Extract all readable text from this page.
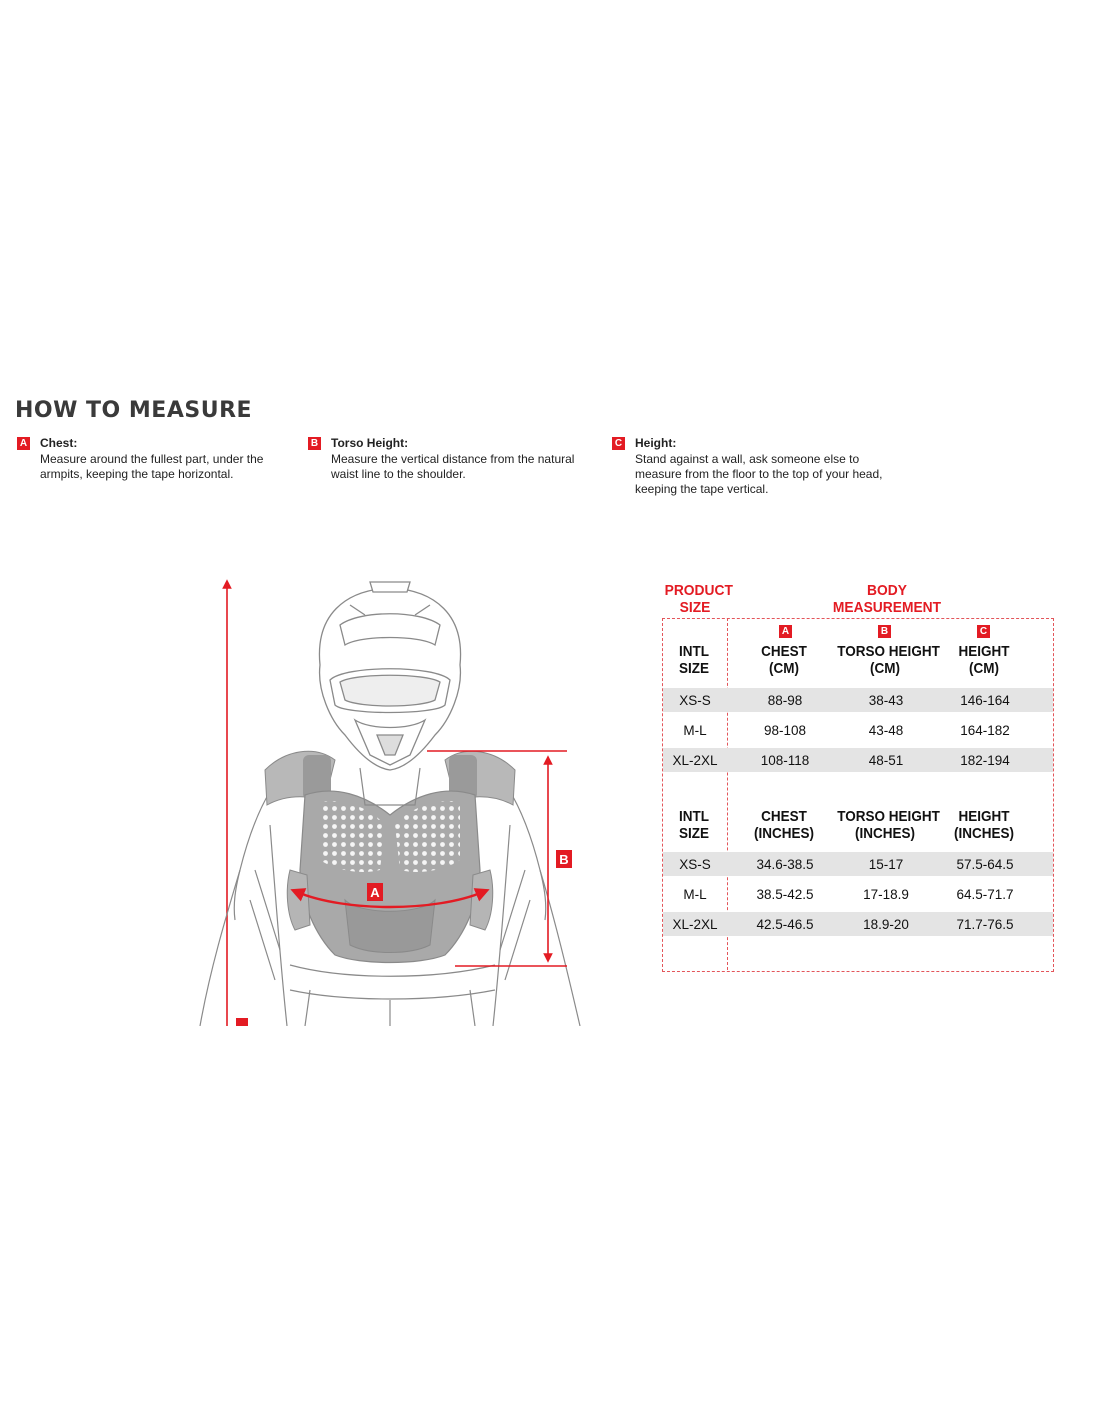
HOW TO MEASURE
A Chest:
Measure around the fullest part, under the armpits, keeping the tape horizontal.
B Torso Height:
Measure the vertical distance from the natural waist line to the shoulder.
C Height:
Stand against a wall, ask someone else to measure from the floor to the top of your head, keeping the tape vertical.
B
A
PRODUCT
SIZE
BODY
MEASUREMENT
A	B	C
INTL
SIZE
CHEST
(CM)
TORSO HEIGHT
(CM)
HEIGHT
(CM)
XS-S	88-98	38-43	146-164
M-L	98-108	43-48	164-182
XL-2XL	108-118	48-51	182-194
INTL
SIZE
CHEST
(INCHES)
TORSO HEIGHT
(INCHES)
HEIGHT
(INCHES)
XS-S	34.6-38.5	15-17	57.5-64.5
M-L	38.5-42.5	17-18.9	64.5-71.7
XL-2XL	42.5-46.5	18.9-20	71.7-76.5
